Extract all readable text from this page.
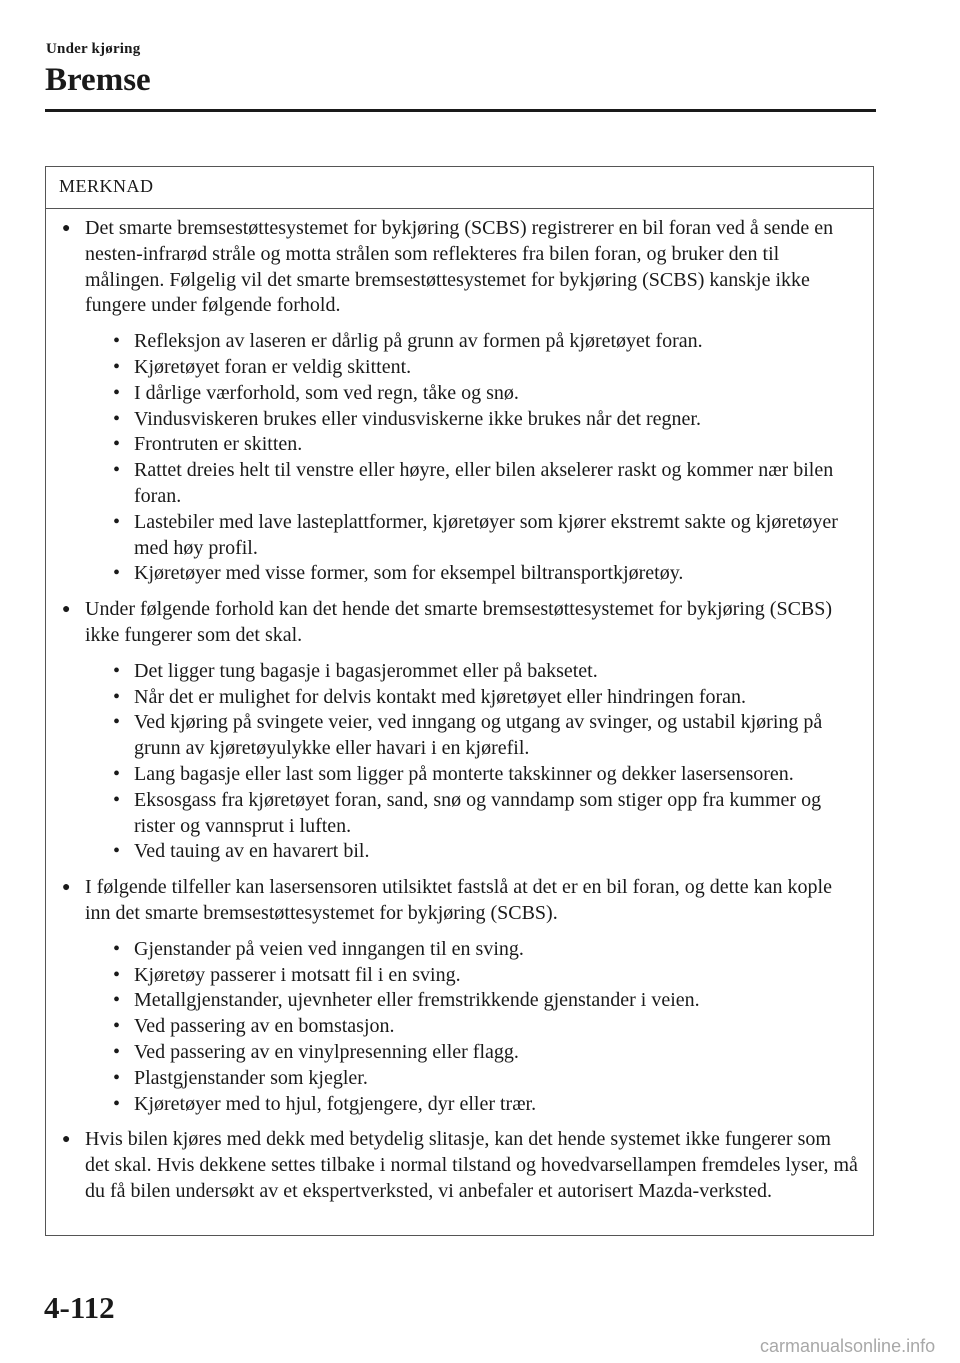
Under kjøring
Bremse
MERKNAD
● Det smarte bremsestøttesystemet for bykjøring (SCBS) registrerer en bil foran ved å sende en nesten-infrarød stråle og motta strålen som reflekteres fra bilen foran, og bruker den til målingen. Følgelig vil det smarte bremsestøttesystemet for bykjøring (SCBS) kanskje ikke fungere under følgende forhold.
• Refleksjon av laseren er dårlig på grunn av formen på kjøretøyet foran.
• Kjøretøyet foran er veldig skittent.
• I dårlige værforhold, som ved regn, tåke og snø.
• Vindusviskeren brukes eller vindusviskerne ikke brukes når det regner.
• Frontruten er skitten.
• Rattet dreies helt til venstre eller høyre, eller bilen akselerer raskt og kommer nær bilen foran.
• Lastebiler med lave lasteplattformer, kjøretøyer som kjører ekstremt sakte og kjøretøyer med høy profil.
• Kjøretøyer med visse former, som for eksempel biltransportkjøretøy.
● Under følgende forhold kan det hende det smarte bremsestøttesystemet for bykjøring (SCBS) ikke fungerer som det skal.
• Det ligger tung bagasje i bagasjerommet eller på baksetet.
• Når det er mulighet for delvis kontakt med kjøretøyet eller hindringen foran.
• Ved kjøring på svingete veier, ved inngang og utgang av svinger, og ustabil kjøring på grunn av kjøretøyulykke eller havari i en kjørefil.
• Lang bagasje eller last som ligger på monterte takskinner og dekker lasersensoren.
• Eksosgass fra kjøretøyet foran, sand, snø og vanndamp som stiger opp fra kummer og rister og vannsprut i luften.
• Ved tauing av en havarert bil.
● I følgende tilfeller kan lasersensoren utilsiktet fastslå at det er en bil foran, og dette kan kople inn det smarte bremsestøttesystemet for bykjøring (SCBS).
• Gjenstander på veien ved inngangen til en sving.
• Kjøretøy passerer i motsatt fil i en sving.
• Metallgjenstander, ujevnheter eller fremstrikkende gjenstander i veien.
• Ved passering av en bomstasjon.
• Ved passering av en vinylpresenning eller flagg.
• Plastgjenstander som kjegler.
• Kjøretøyer med to hjul, fotgjengere, dyr eller trær.
● Hvis bilen kjøres med dekk med betydelig slitasje, kan det hende systemet ikke fungerer som det skal. Hvis dekkene settes tilbake i normal tilstand og hovedvarsellampen fremdeles lyser, må du få bilen undersøkt av et ekspertverksted, vi anbefaler et autorisert Mazda-verksted.
4-112
carmanualsonline.info
